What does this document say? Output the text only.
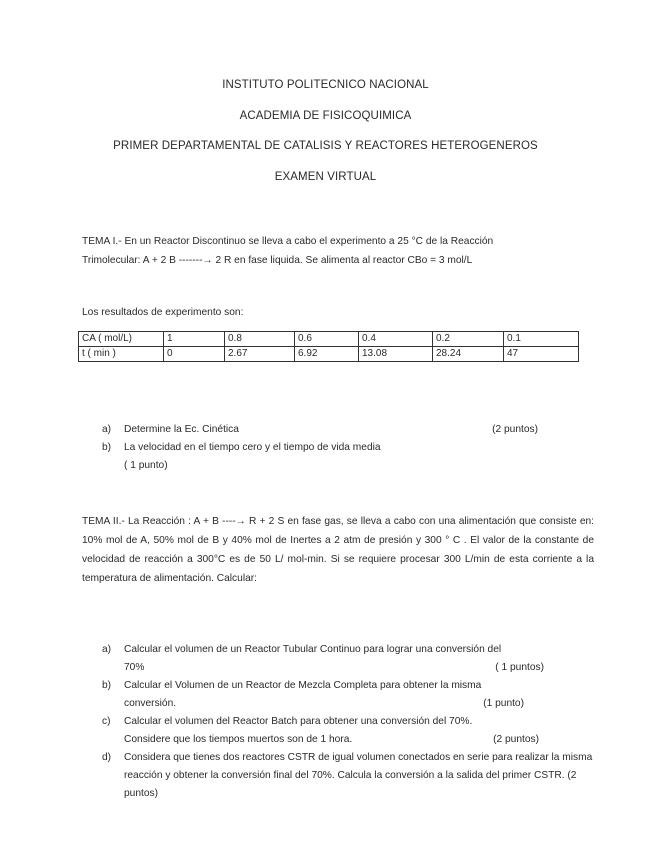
INSTITUTO POLITECNICO NACIONAL
ACADEMIA DE FISICOQUIMICA
PRIMER DEPARTAMENTAL DE CATALISIS Y REACTORES HETEROGENEROS
EXAMEN VIRTUAL
TEMA I.- En un Reactor Discontinuo se lleva a cabo el experimento a 25 °C de la Reacción
Trimolecular: A + 2 B -------→ 2 R en fase liquida. Se alimenta al reactor CBo = 3 mol/L
Los resultados de experimento son:
CA ( mol/L)	1	0.8	0.6	0.4	0.2	0.1
t ( min )	0	2.67	6.92	13.08	28.24	47
a)	(2 puntos)
Determine la Ec. Cinética
b) La velocidad en el tiempo cero y el tiempo de vida media
( 1 punto)
TEMA II.- La Reacción : A + B ----→ R + 2 S en fase gas, se lleva a cabo con una alimentación que consiste en: 10% mol de A, 50% mol de B y 40% mol de Inertes a 2 atm de presión y 300 ° C . El valor de la constante de velocidad de reacción a 300°C es de 50 L/ mol-min. Si se requiere procesar 300 L/min de esta corriente a la temperatura de alimentación. Calcular:
a) Calcular el volumen de un Reactor Tubular Continuo para lograr una conversión del
70%	( 1 puntos)
b) Calcular el Volumen de un Reactor de Mezcla Completa para obtener la misma
conversión.	(1 punto)
c) Calcular el volumen del Reactor Batch para obtener una conversión del 70%.
Considere que los tiempos muertos son de 1 hora.	(2 puntos)
d) Considera que tienes dos reactores CSTR de igual volumen conectados en serie para realizar la misma reacción y obtener la conversión final del 70%. Calcula la conversión a la salida del primer CSTR. (2 puntos)
